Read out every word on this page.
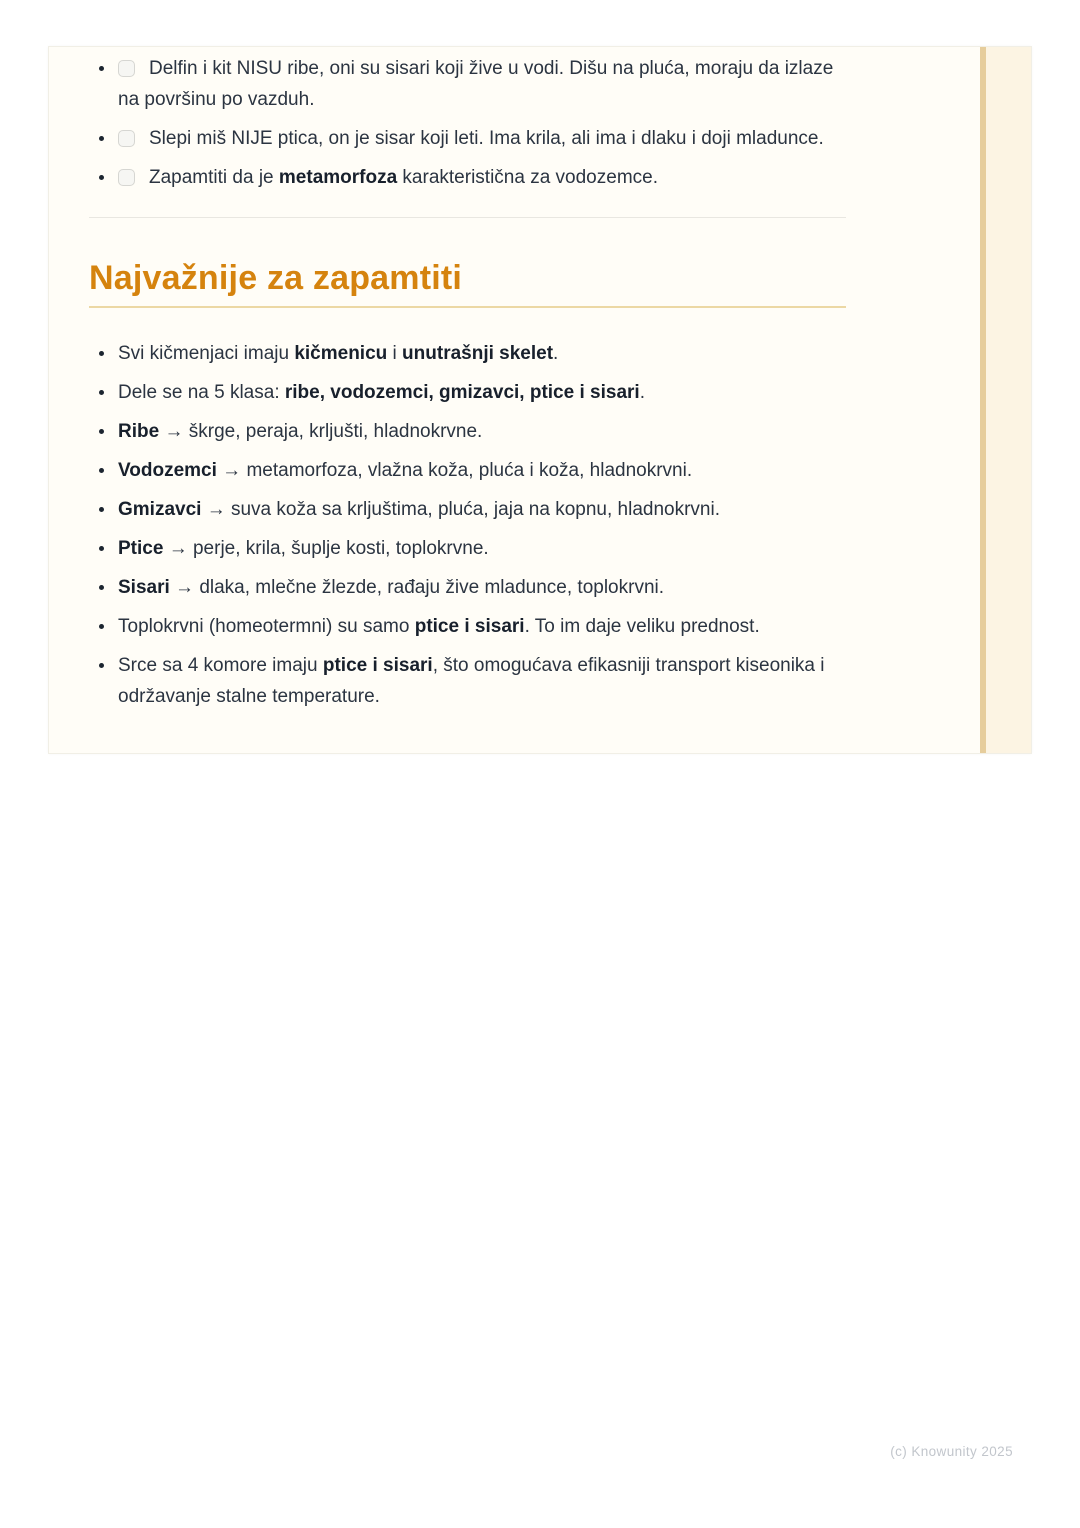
Delfin i kit NISU ribe, oni su sisari koji žive u vodi. Dišu na pluća, moraju da izlaze na površinu po vazduh.
Slepi miš NIJE ptica, on je sisar koji leti. Ima krila, ali ima i dlaku i doji mladunce.
Zapamtiti da je metamorfoza karakteristična za vodozemce.
Najvažnije za zapamtiti
Svi kičmenjaci imaju kičmenicu i unutrašnji skelet.
Dele se na 5 klasa: ribe, vodozemci, gmizavci, ptice i sisari.
Ribe → škrge, peraja, krljušti, hladnokrvne.
Vodozemci → metamorfoza, vlažna koža, pluća i koža, hladnokrvni.
Gmizavci → suva koža sa krljuštima, pluća, jaja na kopnu, hladnokrvni.
Ptice → perje, krila, šuplje kosti, toplokrvne.
Sisari → dlaka, mlečne žlezde, rađaju žive mladunce, toplokrvni.
Toplokrvni (homeotermni) su samo ptice i sisari. To im daje veliku prednost.
Srce sa 4 komore imaju ptice i sisari, što omogućava efikasniji transport kiseonika i održavanje stalne temperature.
(c) Knowunity 2025
